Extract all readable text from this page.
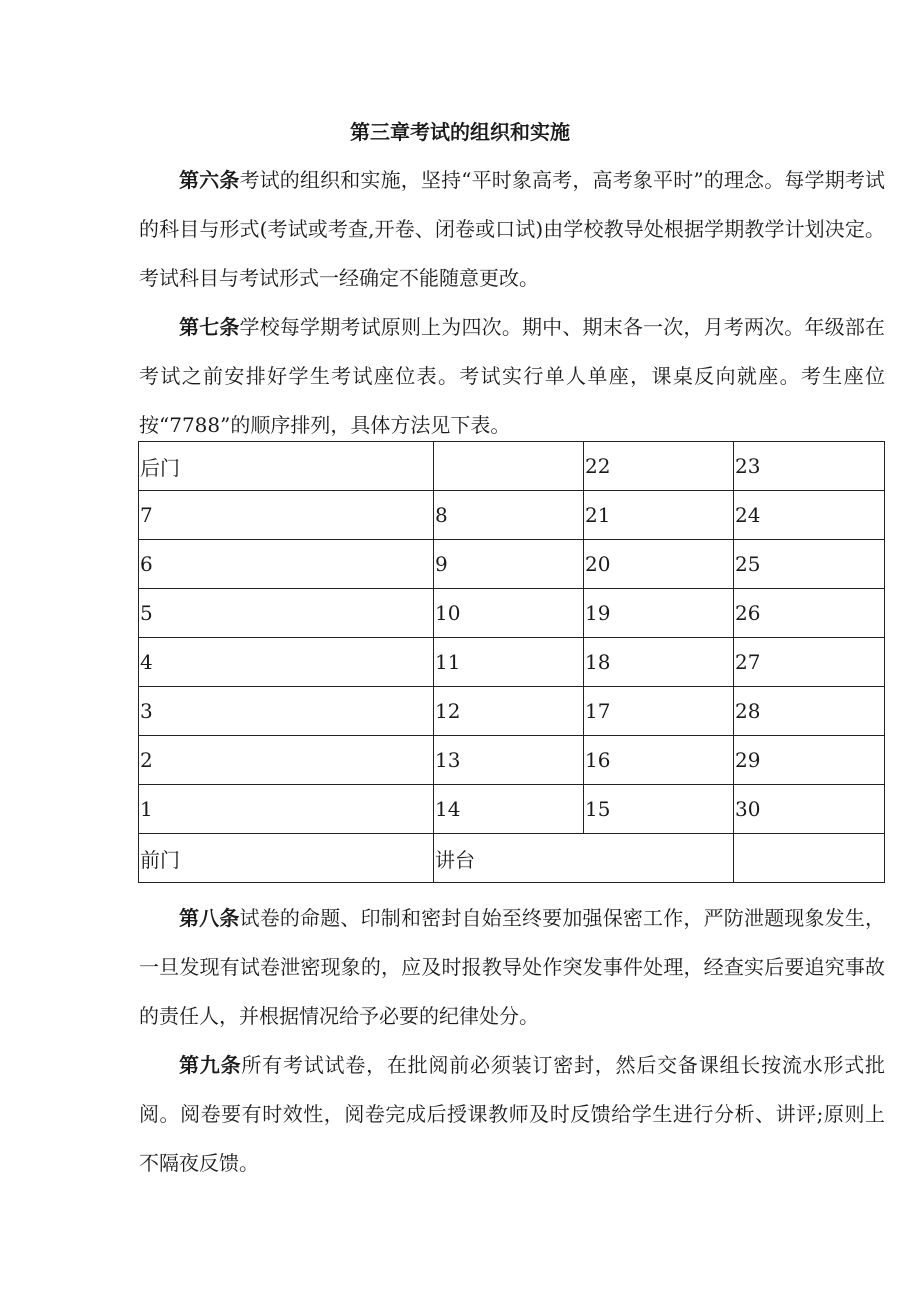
第三章考试的组织和实施
第六条考试的组织和实施，坚持“平时象高考，高考象平时”的理念。每学期考试的科目与形式(考试或考查,开卷、闭卷或口试)由学校教导处根据学期教学计划决定。考试科目与考试形式一经确定不能随意更改。
第七条学校每学期考试原则上为四次。期中、期末各一次，月考两次。年级部在考试之前安排好学生考试座位表。考试实行单人单座，课桌反向就座。考生座位按“7788”的顺序排列，具体方法见下表。
后门		22	23
7	8	21	24
6	9	20	25
5	10	19	26
4	11	18	27
3	12	17	28
2	13	16	29
1	14	15	30
前门	讲台		
第八条试卷的命题、印制和密封自始至终要加强保密工作，严防泄题现象发生，一旦发现有试卷泄密现象的，应及时报教导处作突发事件处理，经查实后要追究事故的责任人，并根据情况给予必要的纪律处分。
第九条所有考试试卷，在批阅前必须装订密封，然后交备课组长按流水形式批阅。阅卷要有时效性，阅卷完成后授课教师及时反馈给学生进行分析、讲评;原则上不隔夜反馈。
